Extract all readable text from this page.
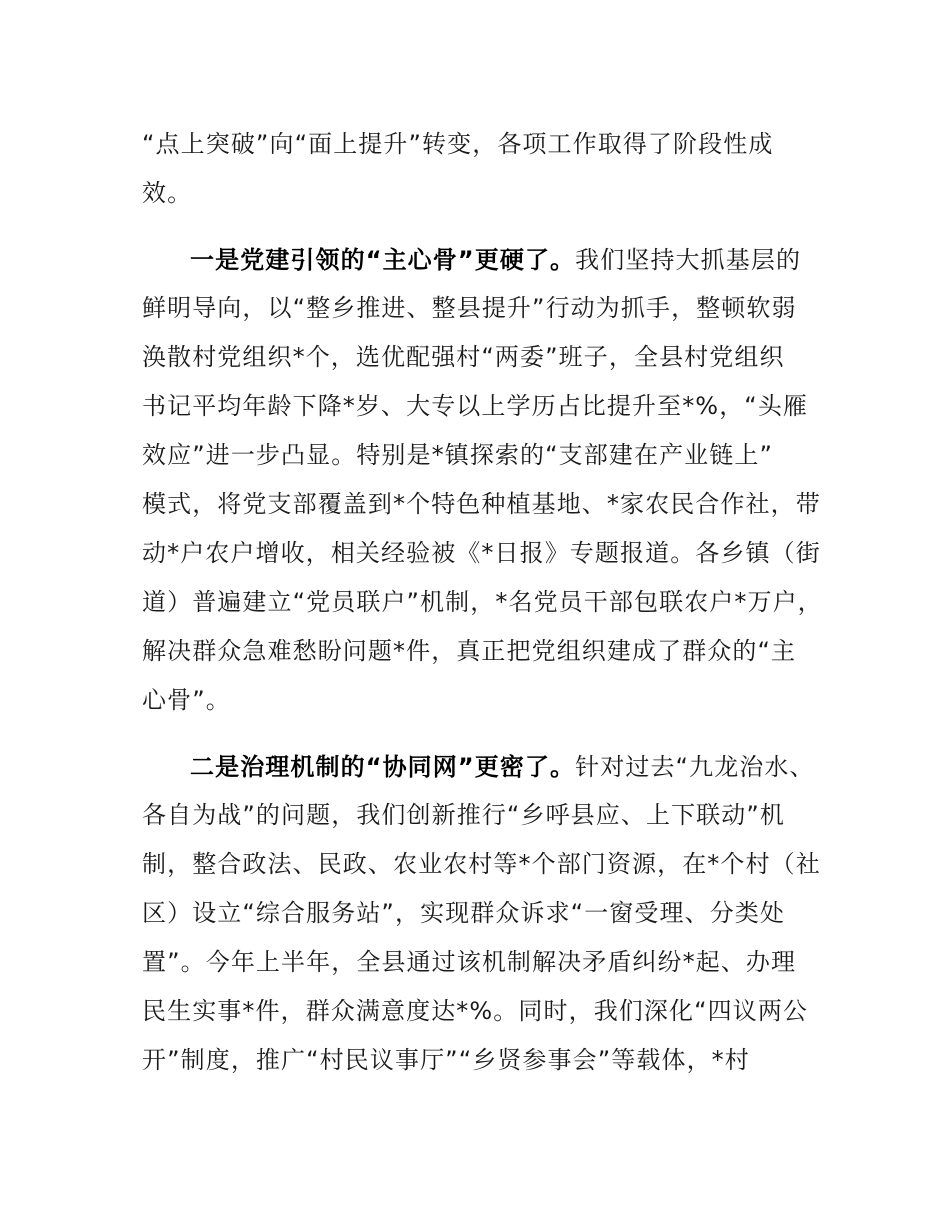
“点上突破”向“面上提升”转变，各项工作取得了阶段性成

效。

一是党建引领的“主心骨”更硬了。我们坚持大抓基层的

鲜明导向，以“整乡推进、整县提升”行动为抓手，整顿软弱

涣散村党组织*个，选优配强村“两委”班子，全县村党组织

书记平均年龄下降*岁、大专以上学历占比提升至*%，“头雁

效应”进一步凸显。特别是*镇探索的“支部建在产业链上”

模式，将党支部覆盖到*个特色种植基地、*家农民合作社，带

动*户农户增收，相关经验被《*日报》专题报道。各乡镇（街

道）普遍建立“党员联户”机制，*名党员干部包联农户*万户，

解决群众急难愁盼问题*件，真正把党组织建成了群众的“主

心骨”。

二是治理机制的“协同网”更密了。针对过去“九龙治水、

各自为战”的问题，我们创新推行“乡呼县应、上下联动”机

制，整合政法、民政、农业农村等*个部门资源，在*个村（社

区）设立“综合服务站”，实现群众诉求“一窗受理、分类处

置”。今年上半年，全县通过该机制解决矛盾纠纷*起、办理

民生实事*件，群众满意度达*%。同时，我们深化“四议两公

开”制度，推广“村民议事厅”“乡贤参事会”等载体，*村
